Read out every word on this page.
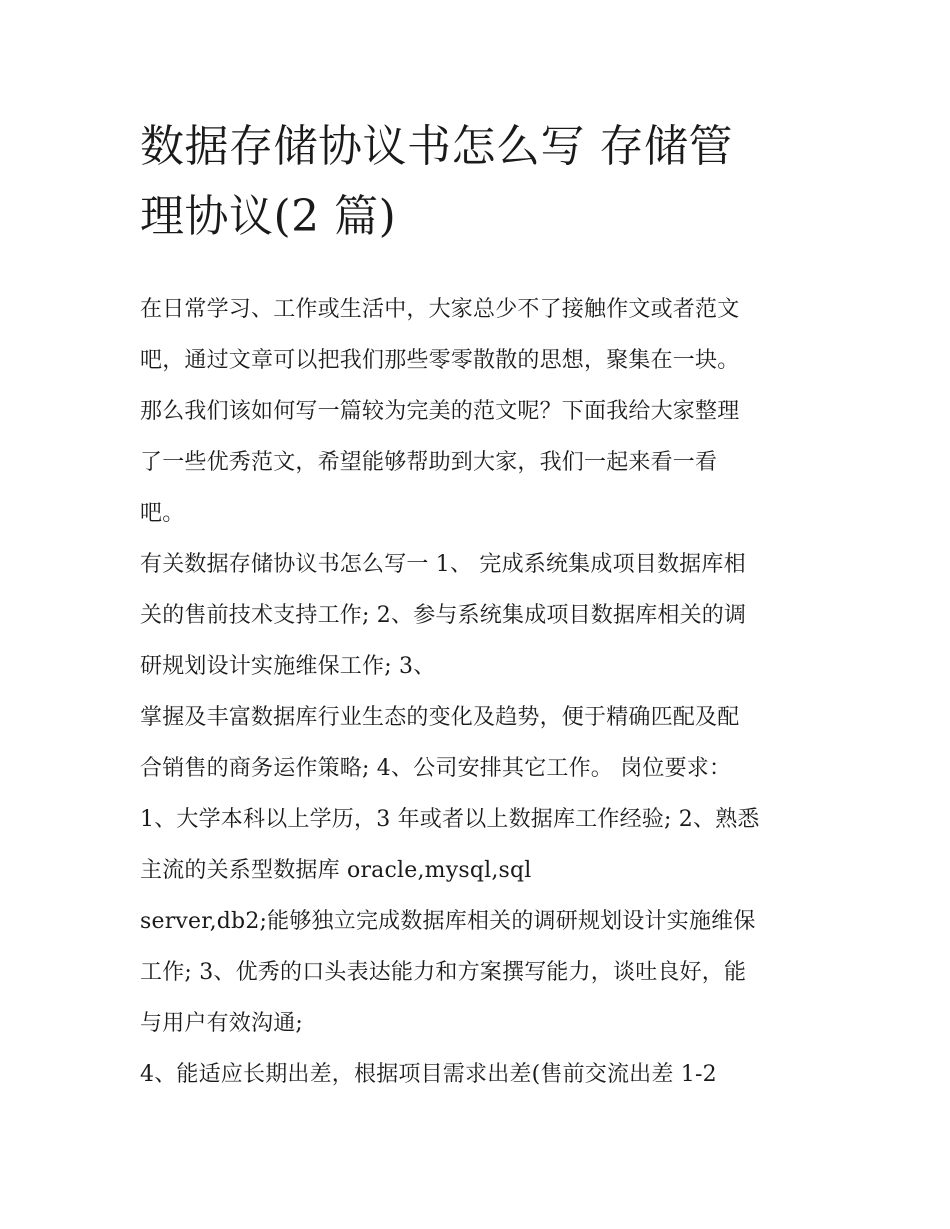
数据存储协议书怎么写 存储管
理协议(2 篇)
在日常学习、工作或生活中，大家总少不了接触作文或者范文
吧，通过文章可以把我们那些零零散散的思想，聚集在一块。
那么我们该如何写一篇较为完美的范文呢？下面我给大家整理
了一些优秀范文，希望能够帮助到大家，我们一起来看一看
吧。
有关数据存储协议书怎么写一 1、 完成系统集成项目数据库相
关的售前技术支持工作; 2、参与系统集成项目数据库相关的调
研规划设计实施维保工作; 3、
掌握及丰富数据库行业生态的变化及趋势，便于精确匹配及配
合销售的商务运作策略; 4、公司安排其它工作。 岗位要求：
1、大学本科以上学历，3 年或者以上数据库工作经验; 2、熟悉
主流的关系型数据库 oracle,mysql,sql
server,db2;能够独立完成数据库相关的调研规划设计实施维保
工作; 3、优秀的口头表达能力和方案撰写能力，谈吐良好，能
与用户有效沟通;
4、能适应长期出差，根据项目需求出差(售前交流出差 1-2
